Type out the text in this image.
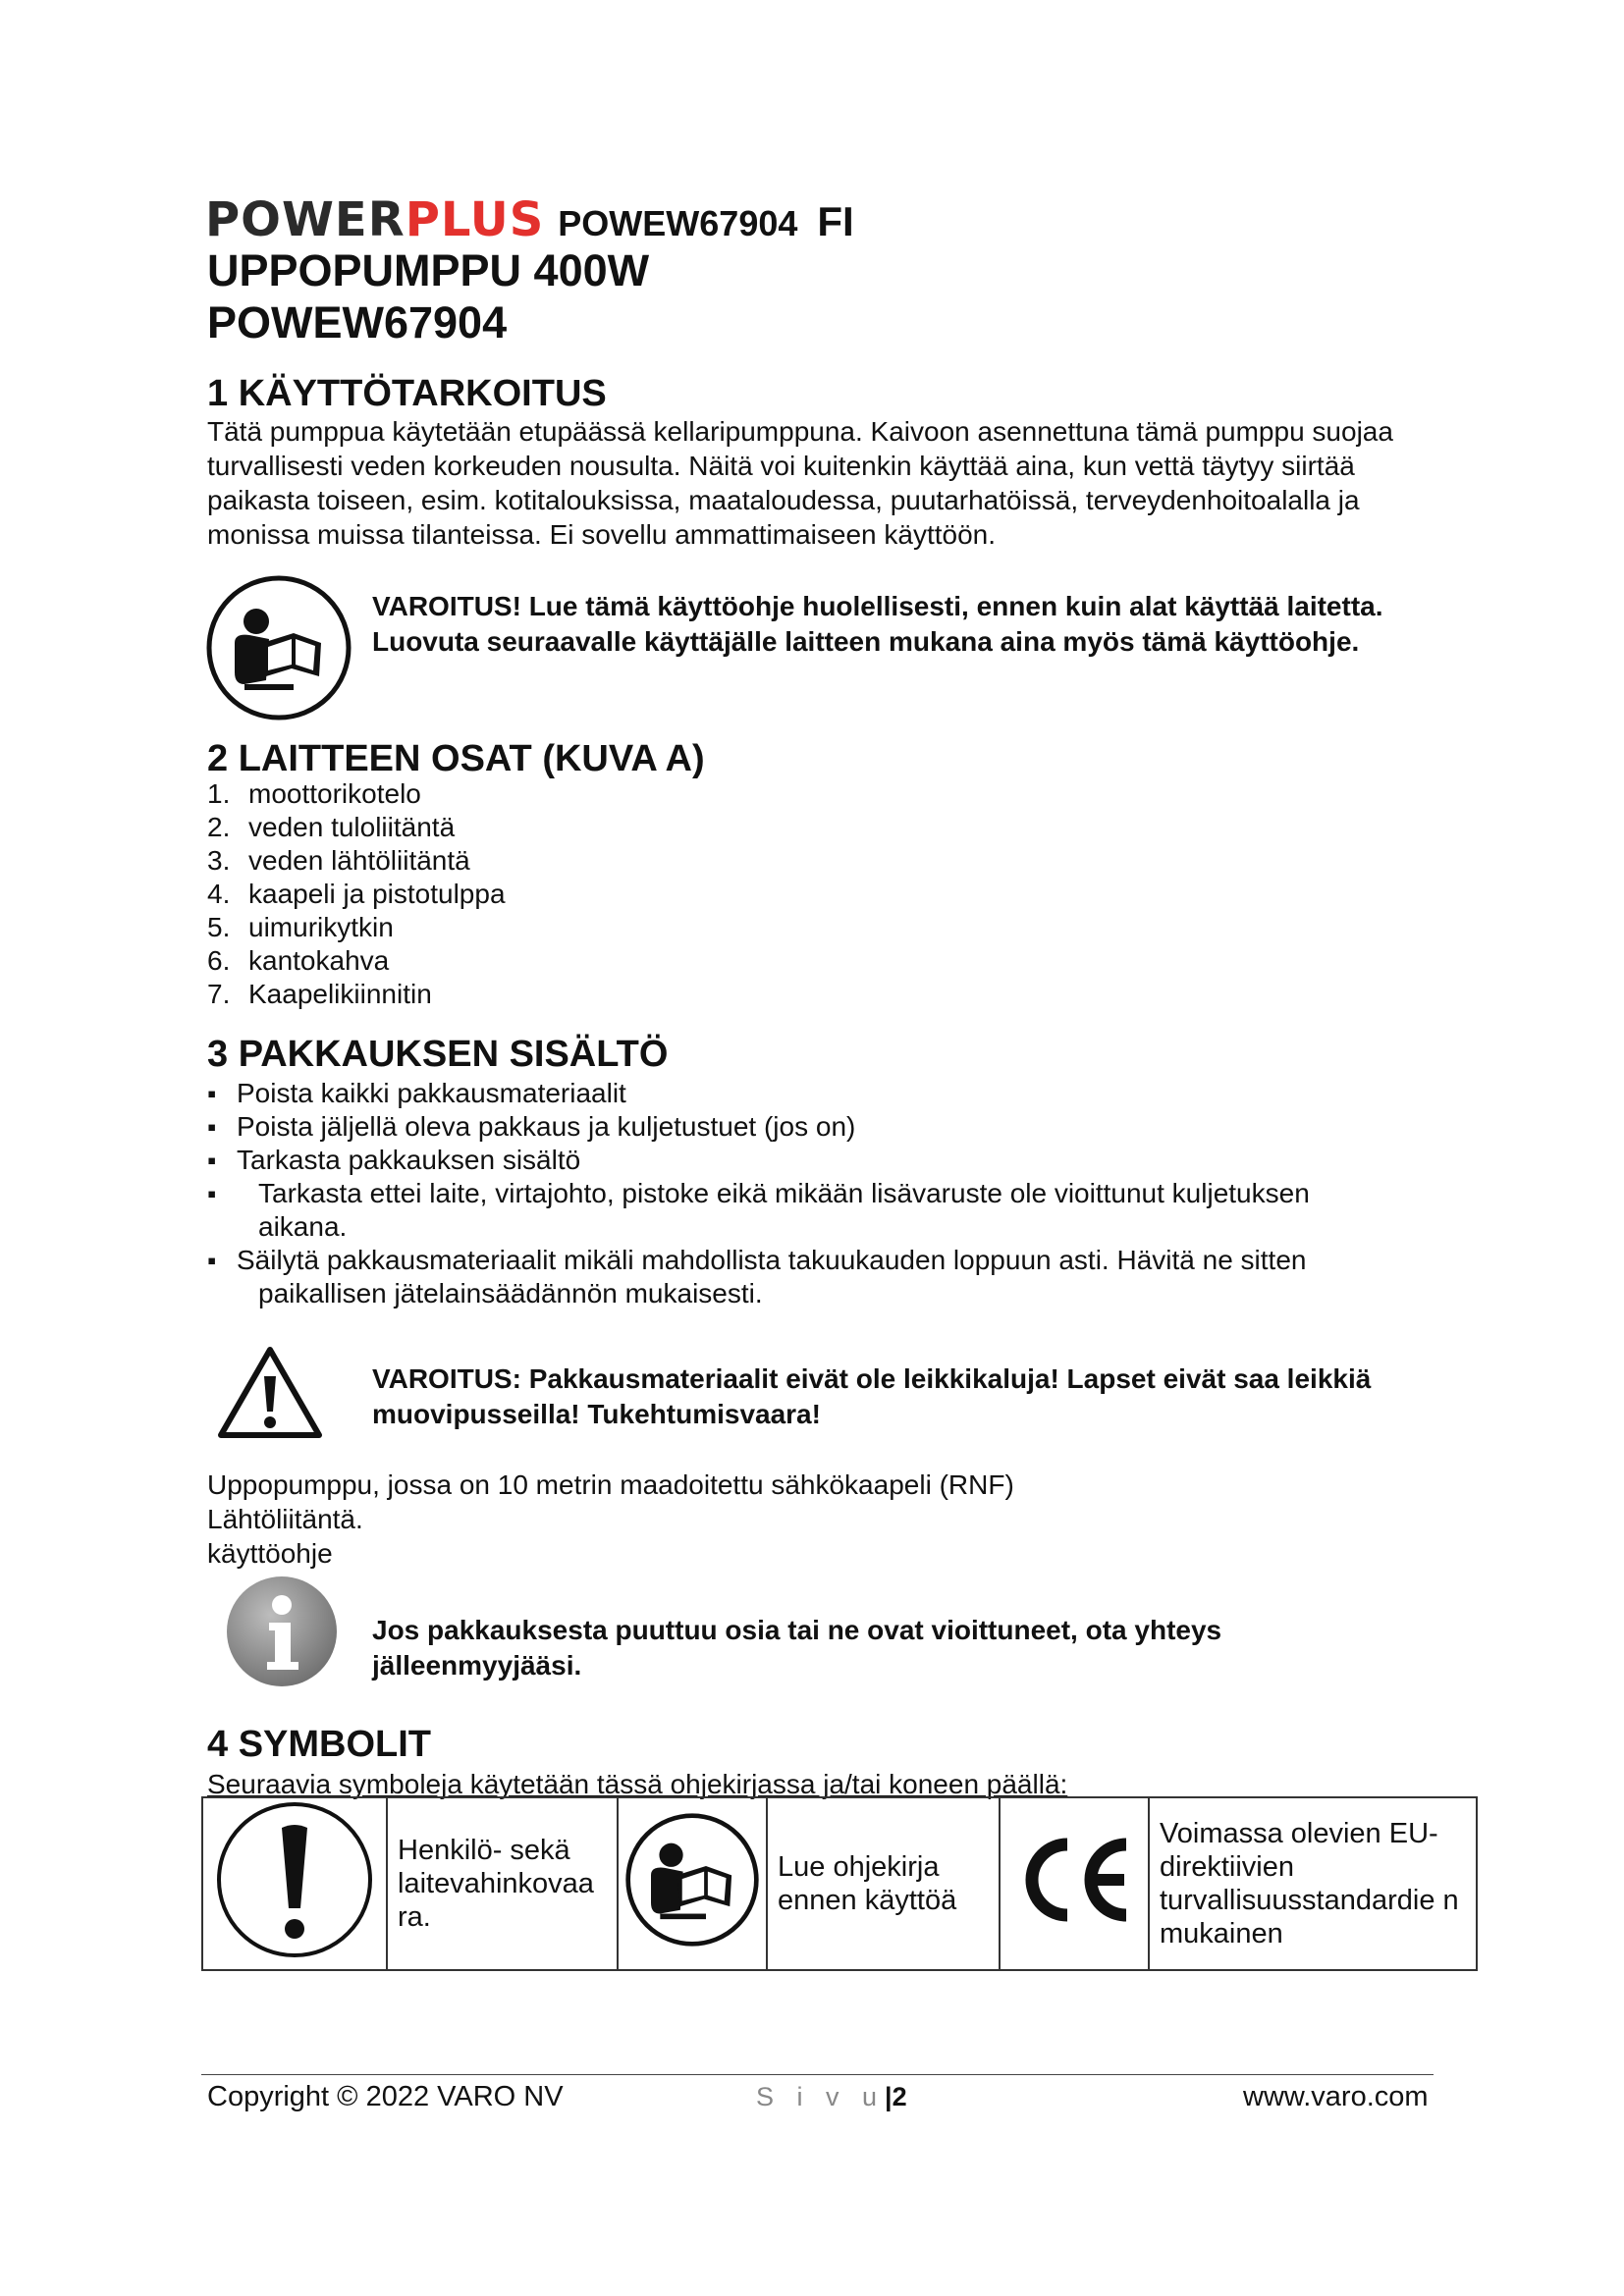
POWERPLUS POWEW67904 FI
UPPOPUMPPU 400W
POWEW67904
1 KÄYTTÖTARKOITUS
Tätä pumppua käytetään etupäässä kellaripumppuna. Kaivoon asennettuna tämä pumppu suojaa turvallisesti veden korkeuden nousulta. Näitä voi kuitenkin käyttää aina, kun vettä täytyy siirtää paikasta toiseen, esim. kotitalouksissa, maataloudessa, puutarhatöissä, terveydenhoitoalalla ja monissa muissa tilanteissa. Ei sovellu ammattimaiseen käyttöön.
VAROITUS! Lue tämä käyttöohje huolellisesti, ennen kuin alat käyttää laitetta. Luovuta seuraavalle käyttäjälle laitteen mukana aina myös tämä käyttöohje.
2 LAITTEEN OSAT (KUVA A)
1. moottorikotelo
2. veden tuloliitäntä
3. veden lähtöliitäntä
4. kaapeli ja pistotulppa
5. uimurikytkin
6. kantokahva
7. Kaapelikiinnitin
3 PAKKAUKSEN SISÄLTÖ
▪ Poista kaikki pakkausmateriaalit
▪ Poista jäljellä oleva pakkaus ja kuljetustuet (jos on)
▪ Tarkasta pakkauksen sisältö
▪ Tarkasta ettei laite, virtajohto, pistoke eikä mikään lisävaruste ole vioittunut kuljetuksen
aikana.
▪ Säilytä pakkausmateriaalit mikäli mahdollista takuukauden loppuun asti. Hävitä ne sitten
paikallisen jätelainsäädännön mukaisesti.
VAROITUS: Pakkausmateriaalit eivät ole leikkikaluja! Lapset eivät saa leikkiä muovipusseilla! Tukehtumisvaara!
Uppopumppu, jossa on 10 metrin maadoitettu sähkökaapeli (RNF)
Lähtöliitäntä.
käyttöohje
Jos pakkauksesta puuttuu osia tai ne ovat vioittuneet, ota yhteys jälleenmyyjääsi.
4 SYMBOLIT
Seuraavia symboleja käytetään tässä ohjekirjassa ja/tai koneen päällä:
	Henkilö- sekä laitevahinkovaa ra.		Lue ohjekirja ennen käyttöä		Voimassa olevien EU-direktiivien turvallisuusstandardie n mukainen
Copyright © 2022 VARO NV	S i v u|2	www.varo.com
